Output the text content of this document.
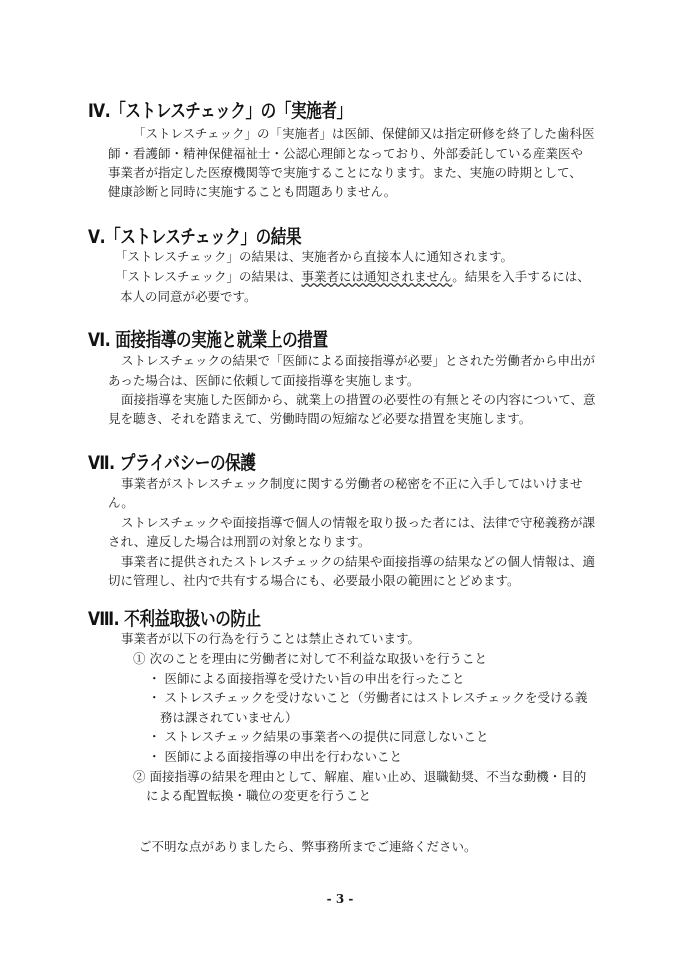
Ⅳ.「ストレスチェック」の「実施者」

「ストレスチェック」の「実施者」は医師、保健師又は指定研修を終了した歯科医

師・看護師・精神保健福祉士・公認心理師となっており、外部委託している産業医や

事業者が指定した医療機関等で実施することになります。また、実施の時期として、

健康診断と同時に実施することも問題ありません。

Ⅴ.「ストレスチェック」の結果

「ストレスチェック」の結果は、実施者から直接本人に通知されます。

「ストレスチェック」の結果は、事業者には通知されません。結果を入手するには、

本人の同意が必要です。

Ⅵ. 面接指導の実施と就業上の措置

ストレスチェックの結果で「医師による面接指導が必要」とされた労働者から申出が

あった場合は、医師に依頼して面接指導を実施します。

面接指導を実施した医師から、就業上の措置の必要性の有無とその内容について、意

見を聴き、それを踏まえて、労働時間の短縮など必要な措置を実施します。

Ⅶ. プライバシーの保護

事業者がストレスチェック制度に関する労働者の秘密を不正に入手してはいけませ

ん。

ストレスチェックや面接指導で個人の情報を取り扱った者には、法律で守秘義務が課

され、違反した場合は刑罰の対象となります。

事業者に提供されたストレスチェックの結果や面接指導の結果などの個人情報は、適

切に管理し、社内で共有する場合にも、必要最小限の範囲にとどめます。

Ⅷ. 不利益取扱いの防止

事業者が以下の行為を行うことは禁止されています。

① 次のことを理由に労働者に対して不利益な取扱いを行うこと

・ 医師による面接指導を受けたい旨の申出を行ったこと

・ ストレスチェックを受けないこと（労働者にはストレスチェックを受ける義

務は課されていません）

・ ストレスチェック結果の事業者への提供に同意しないこと

・ 医師による面接指導の申出を行わないこと

② 面接指導の結果を理由として、解雇、雇い止め、退職勧奨、不当な動機・目的

による配置転換・職位の変更を行うこと

ご不明な点がありましたら、弊事務所までご連絡ください。

- 3 -
